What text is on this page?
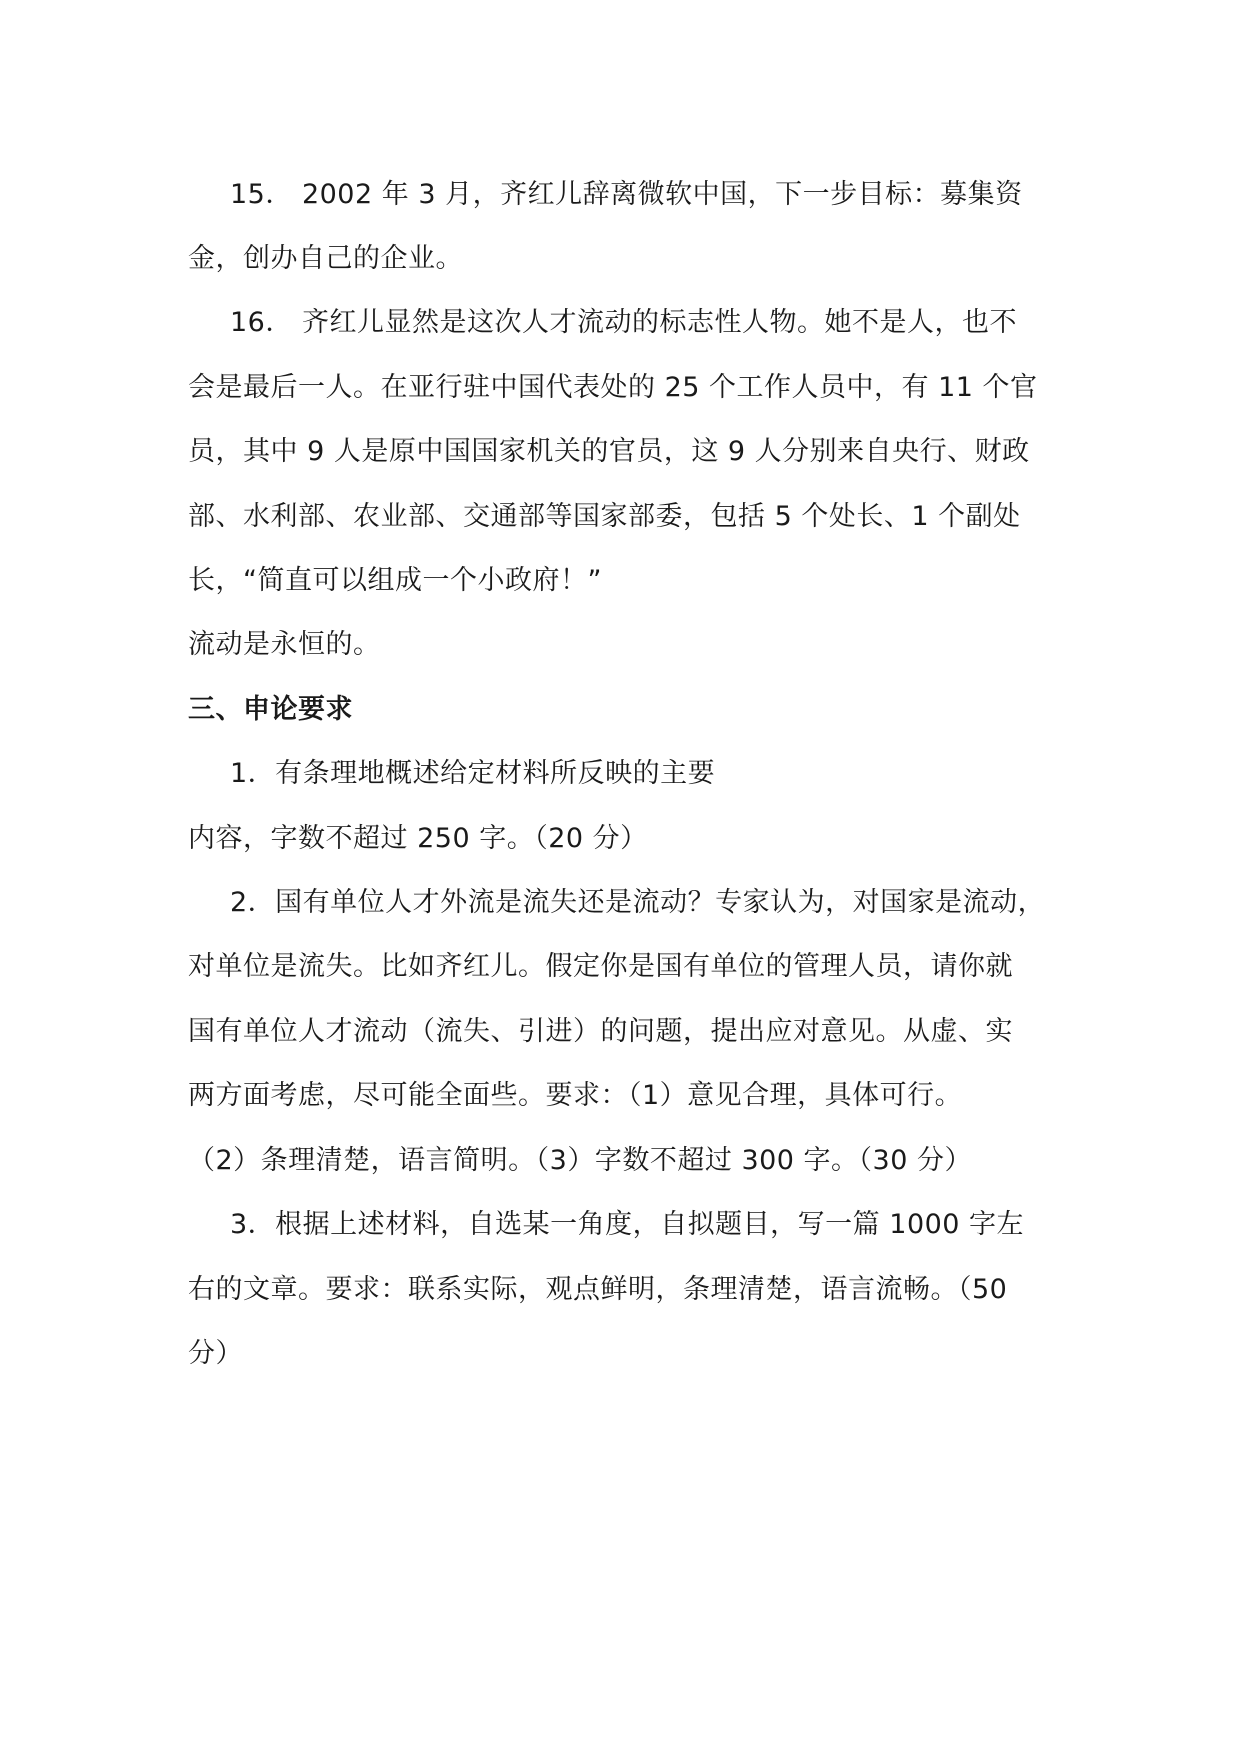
15． 2002 年 3 月，齐红儿辞离微软中国，下一步目标：募集资
金，创办自己的企业。
16． 齐红儿显然是这次人才流动的标志性人物。她不是人，也不
会是最后一人。在亚行驻中国代表处的 25 个工作人员中，有 11 个官
员，其中 9 人是原中国国家机关的官员，这 9 人分别来自央行、财政
部、水利部、农业部、交通部等国家部委，包括 5 个处长、1 个副处
长，“简直可以组成一个小政府！”
流动是永恒的。
三、申论要求
1．有条理地概述给定材料所反映的主要
内容，字数不超过 250 字。（20 分）
2．国有单位人才外流是流失还是流动？专家认为，对国家是流动，
对单位是流失。比如齐红儿。假定你是国有单位的管理人员，请你就
国有单位人才流动（流失、引进）的问题，提出应对意见。从虚、实
两方面考虑，尽可能全面些。要求：（1）意见合理，具体可行。
（2）条理清楚，语言简明。（3）字数不超过 300 字。（30 分）
3．根据上述材料，自选某一角度，自拟题目，写一篇 1000 字左
右的文章。要求：联系实际，观点鲜明，条理清楚，语言流畅。（50
分）
